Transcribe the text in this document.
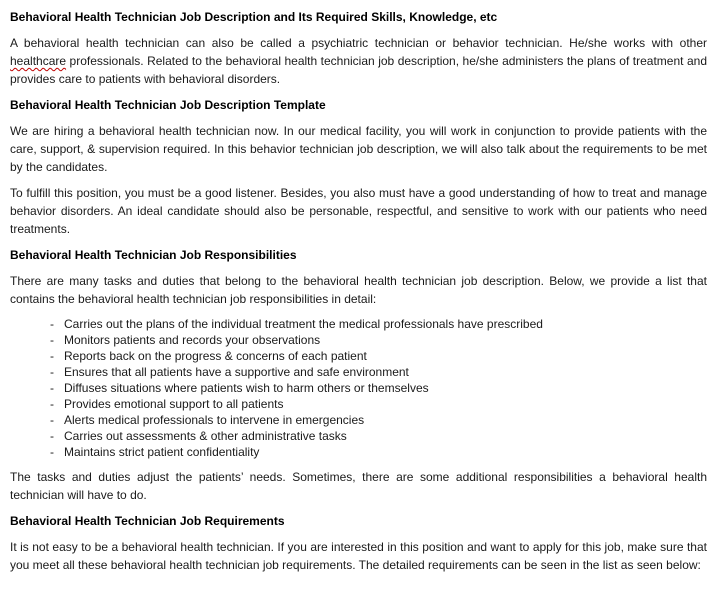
Behavioral Health Technician Job Description and Its Required Skills, Knowledge, etc

A behavioral health technician can also be called a psychiatric technician or behavior technician. He/she works with other healthcare professionals. Related to the behavioral health technician job description, he/she administers the plans of treatment and provides care to patients with behavioral disorders.

Behavioral Health Technician Job Description Template

We are hiring a behavioral health technician now. In our medical facility, you will work in conjunction to provide patients with the care, support, & supervision required. In this behavior technician job description, we will also talk about the requirements to be met by the candidates.

To fulfill this position, you must be a good listener. Besides, you also must have a good understanding of how to treat and manage behavior disorders. An ideal candidate should also be personable, respectful, and sensitive to work with our patients who need treatments.

Behavioral Health Technician Job Responsibilities

There are many tasks and duties that belong to the behavioral health technician job description. Below, we provide a list that contains the behavioral health technician job responsibilities in detail:

- Carries out the plans of the individual treatment the medical professionals have prescribed
- Monitors patients and records your observations
- Reports back on the progress & concerns of each patient
- Ensures that all patients have a supportive and safe environment
- Diffuses situations where patients wish to harm others or themselves
- Provides emotional support to all patients
- Alerts medical professionals to intervene in emergencies
- Carries out assessments & other administrative tasks
- Maintains strict patient confidentiality

The tasks and duties adjust the patients’ needs. Sometimes, there are some additional responsibilities a behavioral health technician will have to do.

Behavioral Health Technician Job Requirements

It is not easy to be a behavioral health technician. If you are interested in this position and want to apply for this job, make sure that you meet all these behavioral health technician job requirements. The detailed requirements can be seen in the list as seen below:
